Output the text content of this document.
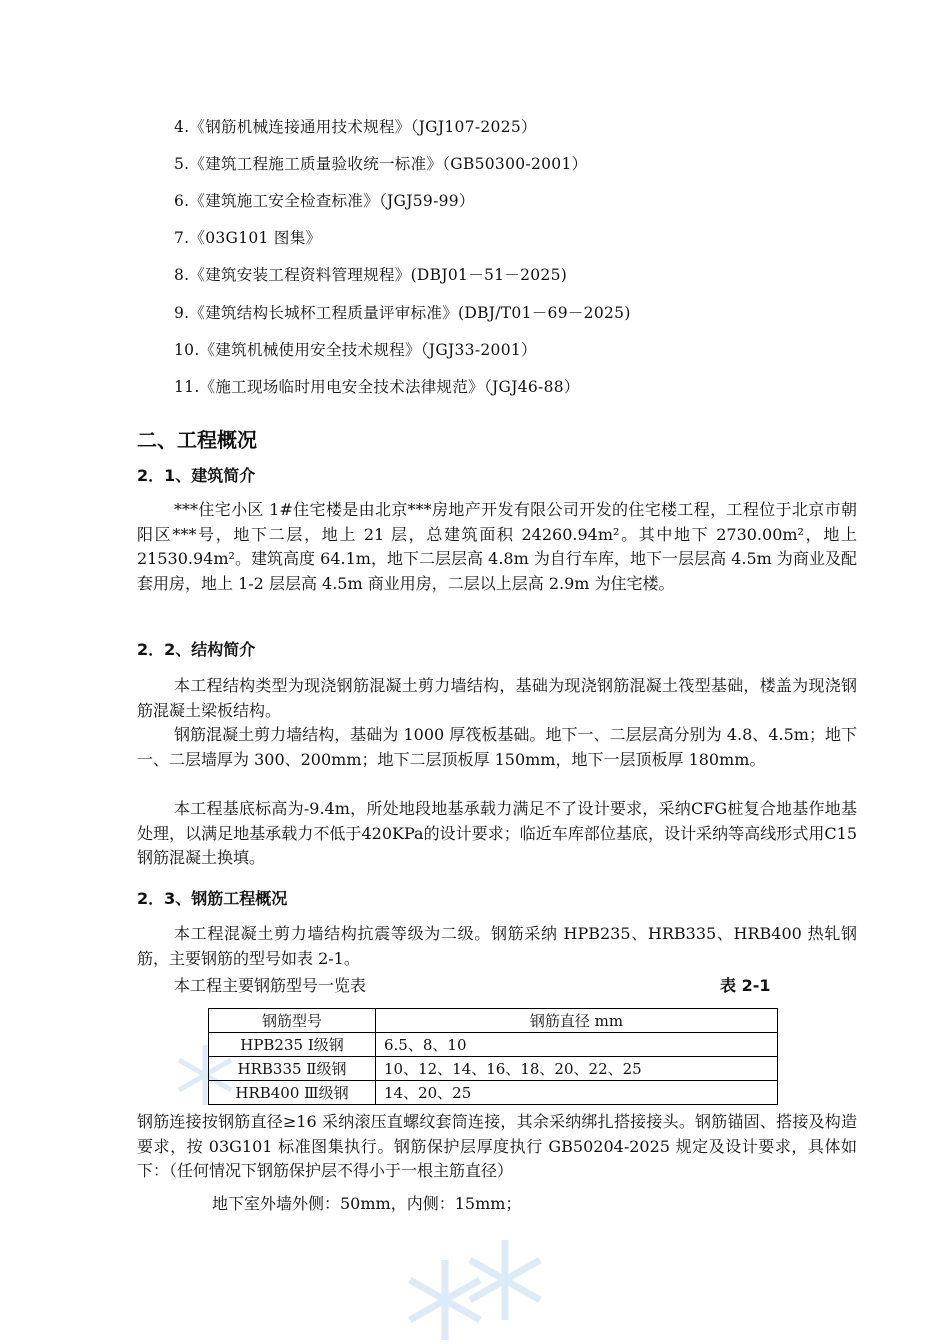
4.《钢筋机械连接通用技术规程》（JGJ107-2025）
5.《建筑工程施工质量验收统一标准》（GB50300-2001）
6.《建筑施工安全检查标准》（JGJ59-99）
7.《03G101 图集》
8.《建筑安装工程资料管理规程》(DBJ01－51－2025)
9.《建筑结构长城杯工程质量评审标准》(DBJ/T01－69－2025)
10.《建筑机械使用安全技术规程》（JGJ33-2001）
11.《施工现场临时用电安全技术法律规范》（JGJ46-88）
二、工程概况
2．1、建筑简介

***住宅小区 1#住宅楼是由北京***房地产开发有限公司开发的住宅楼工程，工程位于北京市朝阳区***号，地下二层，地上 21 层，总建筑面积 24260.94m²。其中地下 2730.00m²，地上 21530.94m²。建筑高度 64.1m，地下二层层高 4.8m 为自行车库，地下一层层高 4.5m 为商业及配套用房，地上 1-2 层层高 4.5m 商业用房，二层以上层高 2.9m 为住宅楼。

2．2、结构简介

本工程结构类型为现浇钢筋混凝土剪力墙结构，基础为现浇钢筋混凝土筏型基础，楼盖为现浇钢筋混凝土梁板结构。

钢筋混凝土剪力墙结构，基础为 1000 厚筏板基础。地下一、二层层高分别为 4.8、4.5m；地下一、二层墙厚为 300、200mm；地下二层顶板厚 150mm，地下一层顶板厚 180mm。

本工程基底标高为-9.4m，所处地段地基承载力满足不了设计要求，采纳CFG桩复合地基作地基处理，以满足地基承载力不低于420KPa的设计要求；临近车库部位基底，设计采纳等高线形式用C15钢筋混凝土换填。

2．3、钢筋工程概况

本工程混凝土剪力墙结构抗震等级为二级。钢筋采纳 HPB235、HRB335、HRB400 热轧钢筋，主要钢筋的型号如表 2-1。

本工程主要钢筋型号一览表	表 2-1
钢筋型号	钢筋直径 mm
HPB235 Ⅰ级钢	6.5、8、10
HRB335 Ⅱ级钢	10、12、14、16、18、20、22、25
HRB400 Ⅲ级钢	14、20、25

钢筋连接按钢筋直径≥16 采纳滚压直螺纹套筒连接，其余采纳绑扎搭接接头。钢筋锚固、搭接及构造要求，按 03G101 标准图集执行。钢筋保护层厚度执行 GB50204-2025 规定及设计要求，具体如下：（任何情况下钢筋保护层不得小于一根主筋直径）

地下室外墙外侧：50mm，内侧：15mm；
